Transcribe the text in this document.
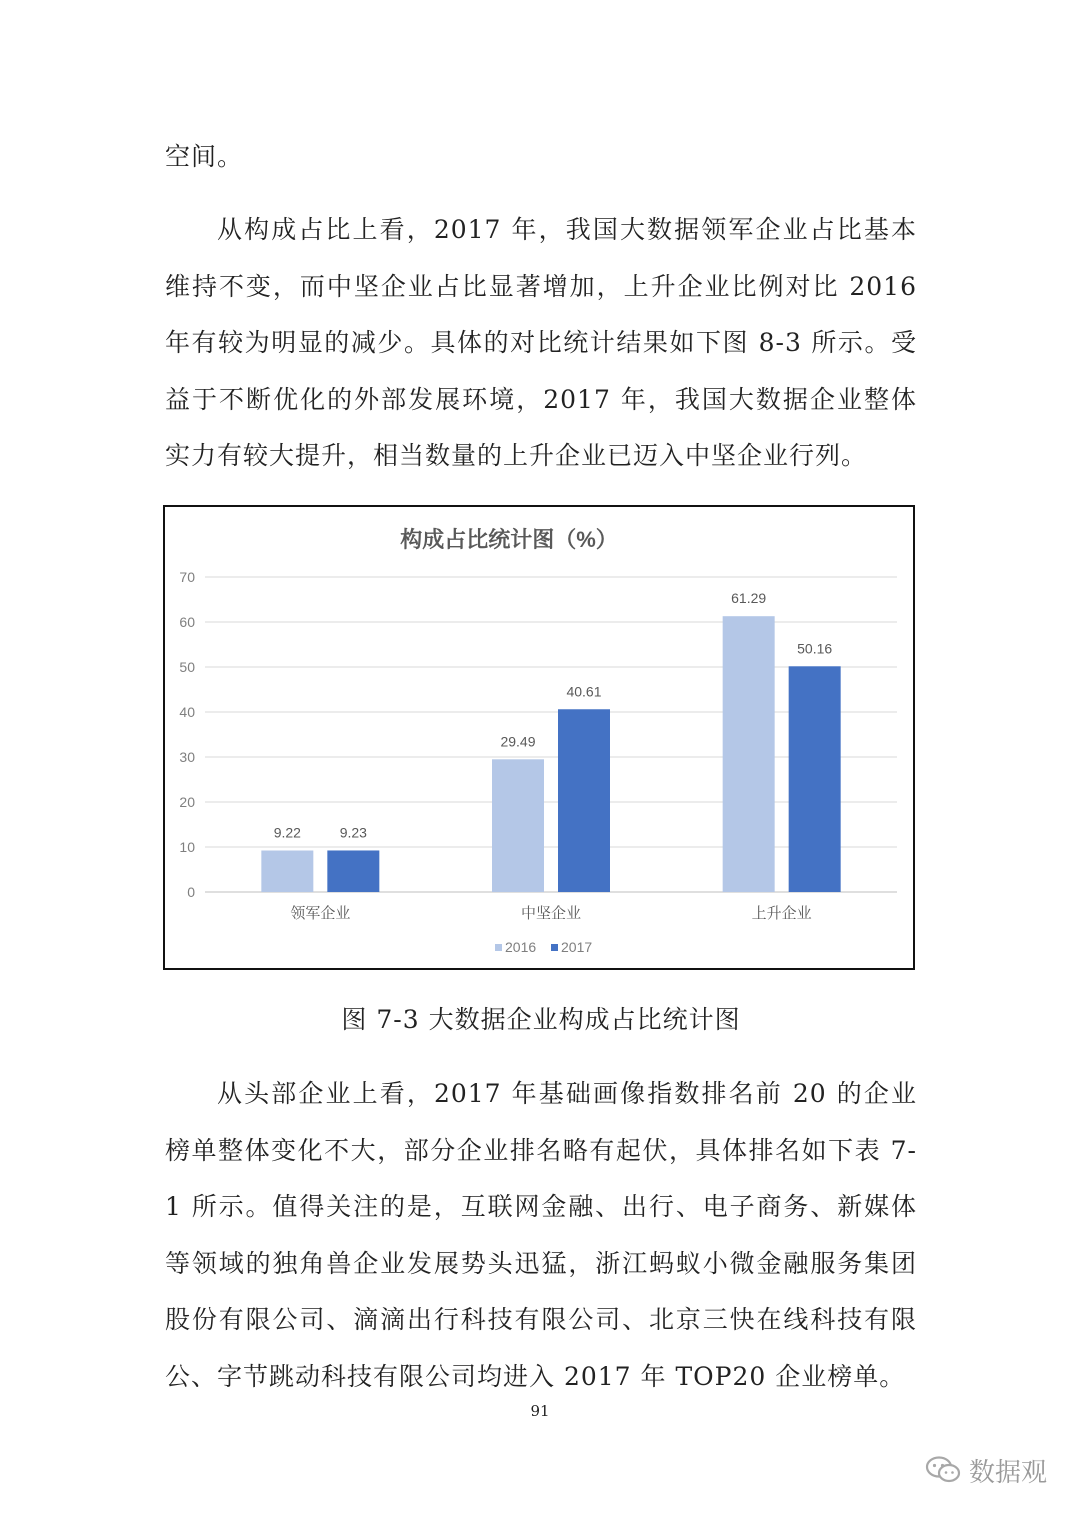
空间。

从构成占比上看，2017 年，我国大数据领军企业占比基本维持不变，而中坚企业占比显著增加，上升企业比例对比 2016 年有较为明显的减少。具体的对比统计结果如下图 8-3 所示。受益于不断优化的外部发展环境，2017 年，我国大数据企业整体实力有较大提升，相当数量的上升企业已迈入中坚企业行列。

构成占比统计图（%）
0
10
20
30
40
50
60
70
9.22	9.23
领军企业
29.49
40.61
中坚企业
61.29
50.16
上升企业
2016 2017
图 7-3 大数据企业构成占比统计图

从头部企业上看，2017 年基础画像指数排名前 20 的企业榜单整体变化不大，部分企业排名略有起伏，具体排名如下表 7-1 所示。值得关注的是，互联网金融、出行、电子商务、新媒体等领域的独角兽企业发展势头迅猛，浙江蚂蚁小微金融服务集团股份有限公司、滴滴出行科技有限公司、北京三快在线科技有限公、字节跳动科技有限公司均进入 2017 年 TOP20 企业榜单。

91
数据观
